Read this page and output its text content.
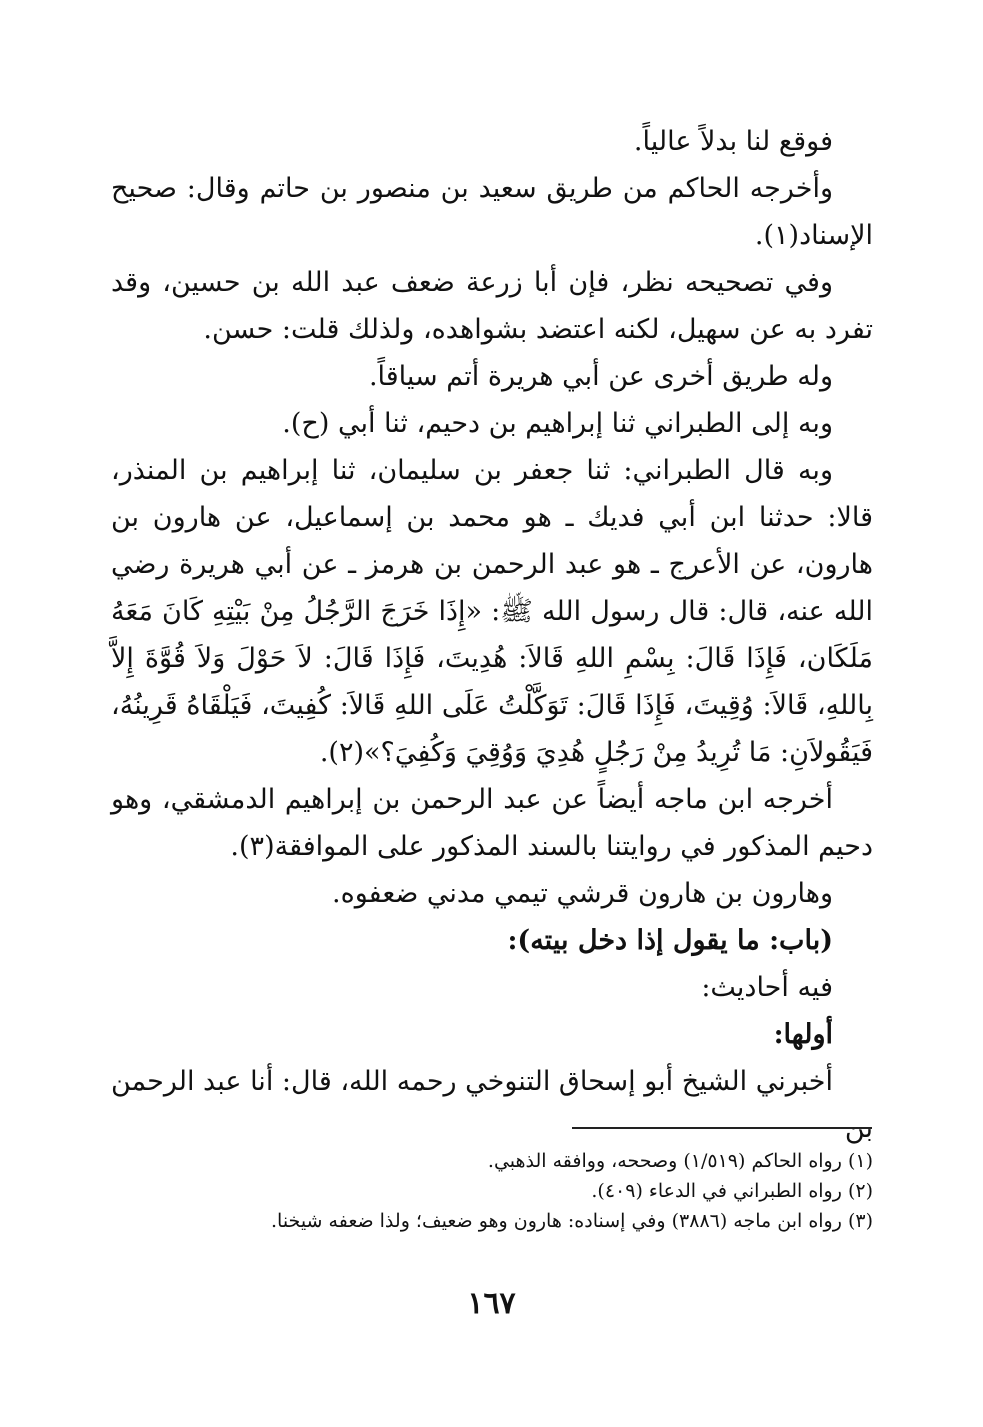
فوقع لنا بدلاً عالياً.

وأخرجه الحاكم من طريق سعيد بن منصور بن حاتم وقال: صحيح الإسناد(١).

وفي تصحيحه نظر، فإن أبا زرعة ضعف عبد الله بن حسين، وقد تفرد به عن سهيل، لكنه اعتضد بشواهده، ولذلك قلت: حسن.

وله طريق أخرى عن أبي هريرة أتم سياقاً.

وبه إلى الطبراني ثنا إبراهيم بن دحيم، ثنا أبي (ح).

وبه قال الطبراني: ثنا جعفر بن سليمان، ثنا إبراهيم بن المنذر، قالا: حدثنا ابن أبي فديك ـ هو محمد بن إسماعيل، عن هارون بن هارون، عن الأعرج ـ هو عبد الرحمن بن هرمز ـ عن أبي هريرة رضي الله عنه، قال: قال رسول الله ﷺ: «إِذَا خَرَجَ الرَّجُلُ مِنْ بَيْتِهِ كَانَ مَعَهُ مَلَكَان، فَإِذَا قَالَ: بِسْمِ اللهِ قَالاَ: هُدِيتَ، فَإِذَا قَالَ: لاَ حَوْلَ وَلاَ قُوَّةَ إِلاَّ بِاللهِ، قَالاَ: وُقِيتَ، فَإِذَا قَالَ: تَوَكَّلْتُ عَلَى اللهِ قَالاَ: كُفِيتَ، فَيَلْقَاهُ قَرِينُهُ، فَيَقُولاَنِ: مَا تُرِيدُ مِنْ رَجُلٍ هُدِيَ وَوُقِيَ وَكُفِيَ؟»(٢).

أخرجه ابن ماجه أيضاً عن عبد الرحمن بن إبراهيم الدمشقي، وهو دحيم المذكور في روايتنا بالسند المذكور على الموافقة(٣).

وهارون بن هارون قرشي تيمي مدني ضعفوه.

(باب: ما يقول إذا دخل بيته):

فيه أحاديث:

أولها:

أخبرني الشيخ أبو إسحاق التنوخي رحمه الله، قال: أنا عبد الرحمن بن

(١) رواه الحاكم (١/٥١٩) وصححه، ووافقه الذهبي.

(٢) رواه الطبراني في الدعاء (٤٠٩).

(٣) رواه ابن ماجه (٣٨٨٦) وفي إسناده: هارون وهو ضعيف؛ ولذا ضعفه شيخنا.

١٦٧
